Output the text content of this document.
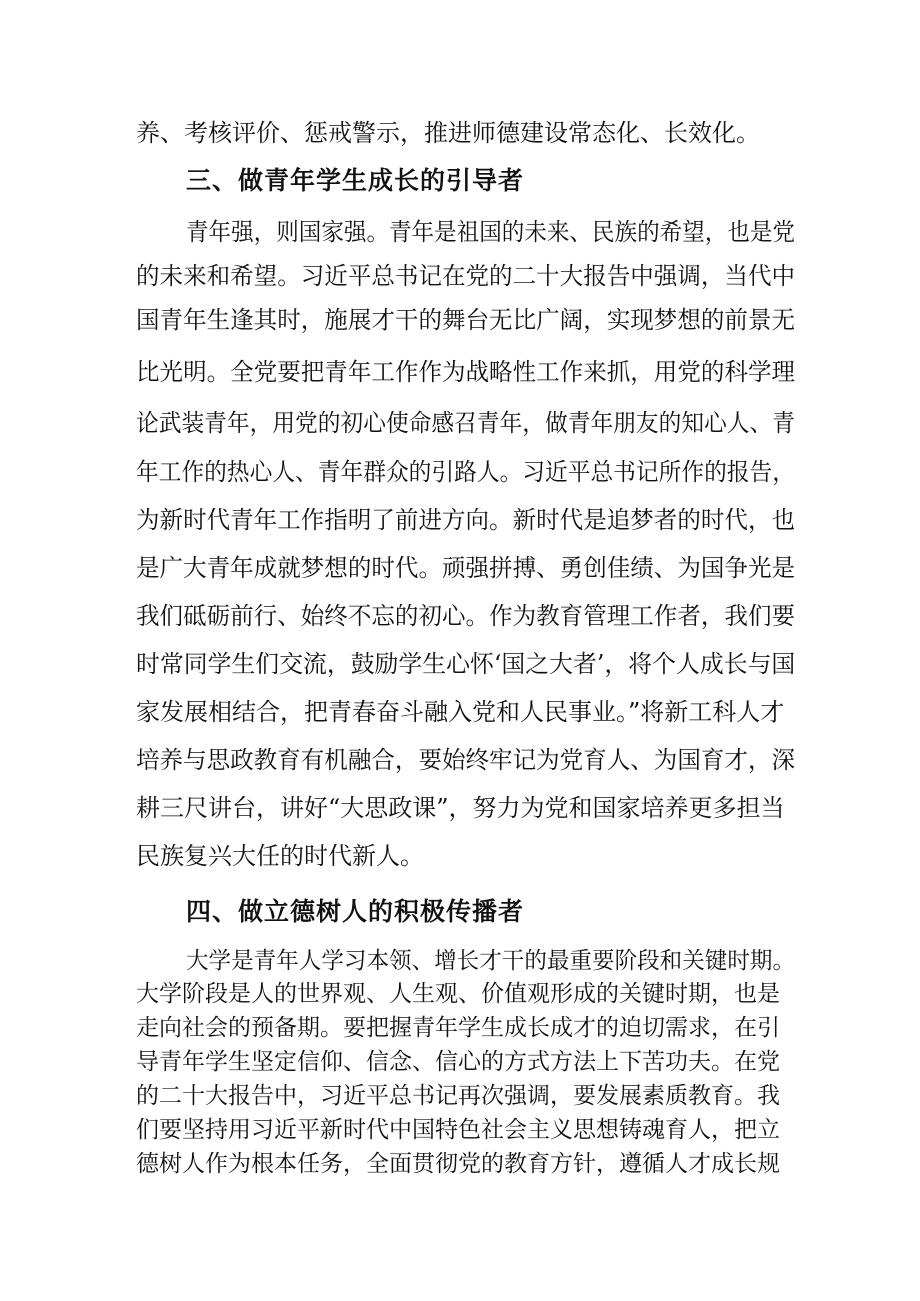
养、考核评价、惩戒警示，推进师德建设常态化、长效化。
三、做青年学生成长的引导者
青年强，则国家强。青年是祖国的未来、民族的希望，也是党
的未来和希望。习近平总书记在党的二十大报告中强调，当代中
国青年生逢其时，施展才干的舞台无比广阔，实现梦想的前景无
比光明。全党要把青年工作作为战略性工作来抓，用党的科学理
论武装青年，用党的初心使命感召青年，做青年朋友的知心人、青
年工作的热心人、青年群众的引路人。习近平总书记所作的报告，
为新时代青年工作指明了前进方向。新时代是追梦者的时代，也
是广大青年成就梦想的时代。顽强拼搏、勇创佳绩、为国争光是
我们砥砺前行、始终不忘的初心。作为教育管理工作者，我们要
时常同学生们交流，鼓励学生心怀‘国之大者’，将个人成长与国
家发展相结合，把青春奋斗融入党和人民事业。”将新工科人才
培养与思政教育有机融合，要始终牢记为党育人、为国育才，深
耕三尺讲台，讲好“大思政课”，努力为党和国家培养更多担当
民族复兴大任的时代新人。
四、做立德树人的积极传播者
大学是青年人学习本领、增长才干的最重要阶段和关键时期。
大学阶段是人的世界观、人生观、价值观形成的关键时期，也是
走向社会的预备期。要把握青年学生成长成才的迫切需求，在引
导青年学生坚定信仰、信念、信心的方式方法上下苦功夫。在党
的二十大报告中，习近平总书记再次强调，要发展素质教育。我
们要坚持用习近平新时代中国特色社会主义思想铸魂育人，把立
德树人作为根本任务，全面贯彻党的教育方针，遵循人才成长规
